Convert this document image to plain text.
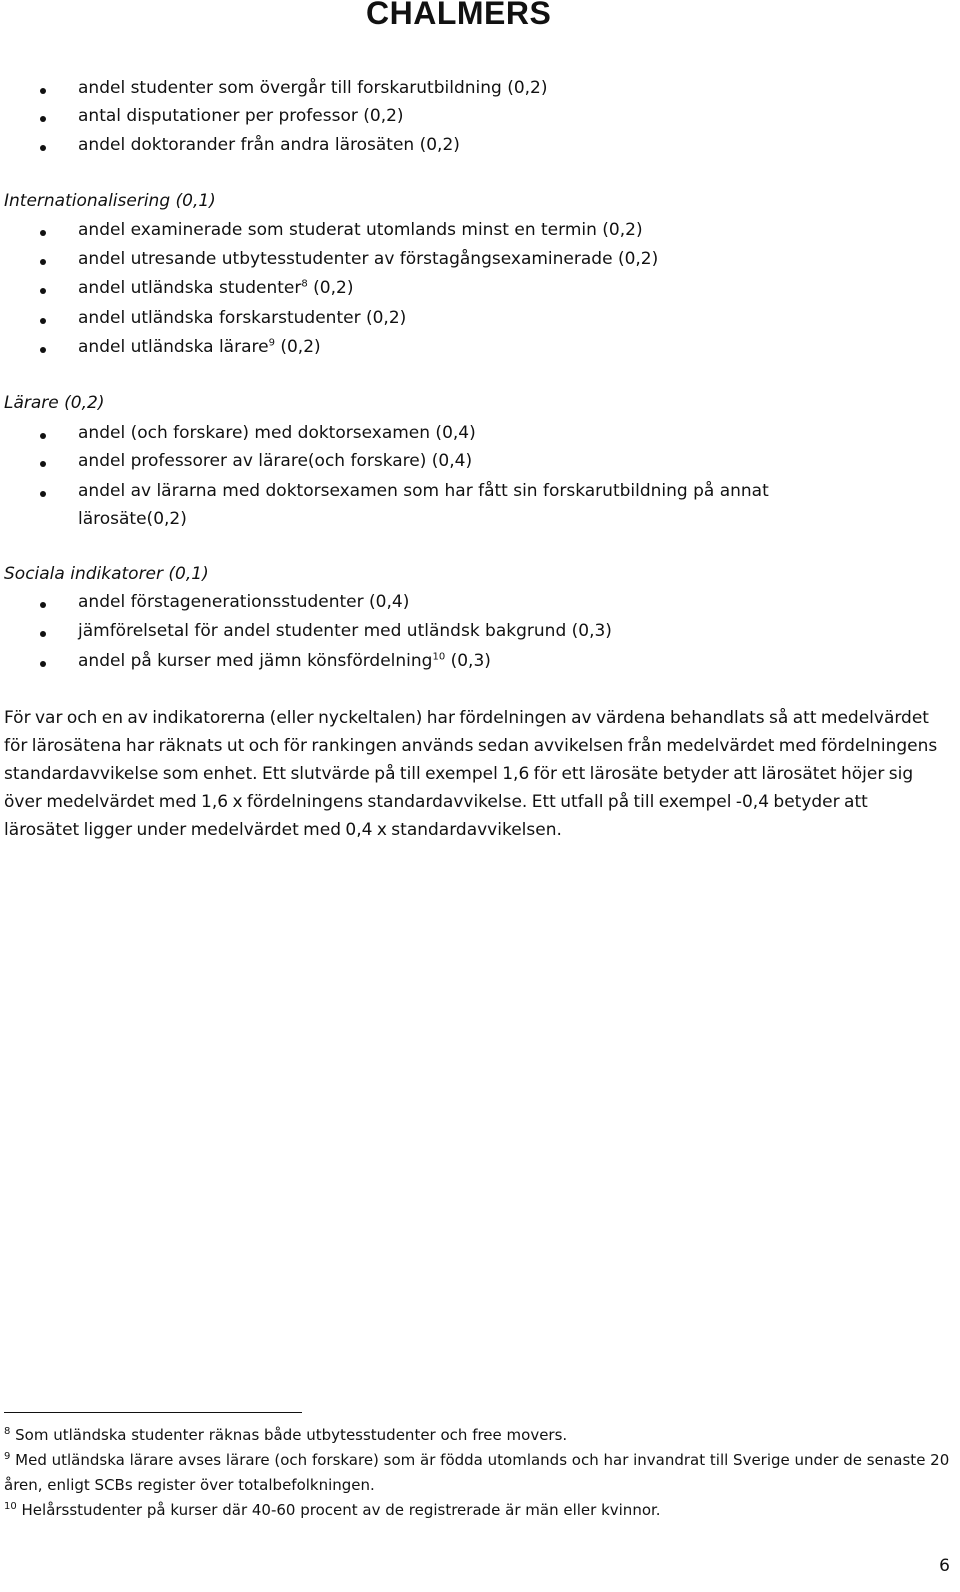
CHALMERS
andel studenter som övergår till forskarutbildning (0,2)
antal disputationer per professor (0,2)
andel doktorander från andra lärosäten (0,2)
Internationalisering (0,1)
andel examinerade som studerat utomlands minst en termin (0,2)
andel utresande utbytesstudenter av förstagångsexaminerade (0,2)
andel utländska studenter$^8$ (0,2)
andel utländska forskarstudenter (0,2)
andel utländska lärare$^9$ (0,2)
Lärare (0,2)
andel (och forskare) med doktorsexamen (0,4)
andel professorer av lärare(och forskare) (0,4)
andel av lärarna med doktorsexamen som har fått sin forskarutbildning på annat lärosäte(0,2)
Sociala indikatorer (0,1)
andel förstagenerationsstudenter (0,4)
jämförelsetal för andel studenter med utländsk bakgrund (0,3)
andel på kurser med jämn könsfördelning$^{10}$ (0,3)

För var och en av indikatorerna (eller nyckeltalen) har fördelningen av värdena behandlats så att medelvärdet för lärosätena har räknats ut och för rankingen används sedan avvikelsen från medelvärdet med fördelningens standardavvikelse som enhet. Ett slutvärde på till exempel 1,6 för ett lärosäte betyder att lärosätet höjer sig över medelvärdet med 1,6 x fördelningens standardavvikelse. Ett utfall på till exempel -0,4 betyder att lärosätet ligger under medelvärdet med 0,4 x standardavvikelsen.

$^8$ Som utländska studenter räknas både utbytesstudenter och free movers.
$^9$ Med utländska lärare avses lärare (och forskare) som är födda utomlands och har invandrat till Sverige under de senaste 20 åren, enligt SCBs register över totalbefolkningen.
$^{10}$ Helårsstudenter på kurser där 40-60 procent av de registrerade är män eller kvinnor.

6
